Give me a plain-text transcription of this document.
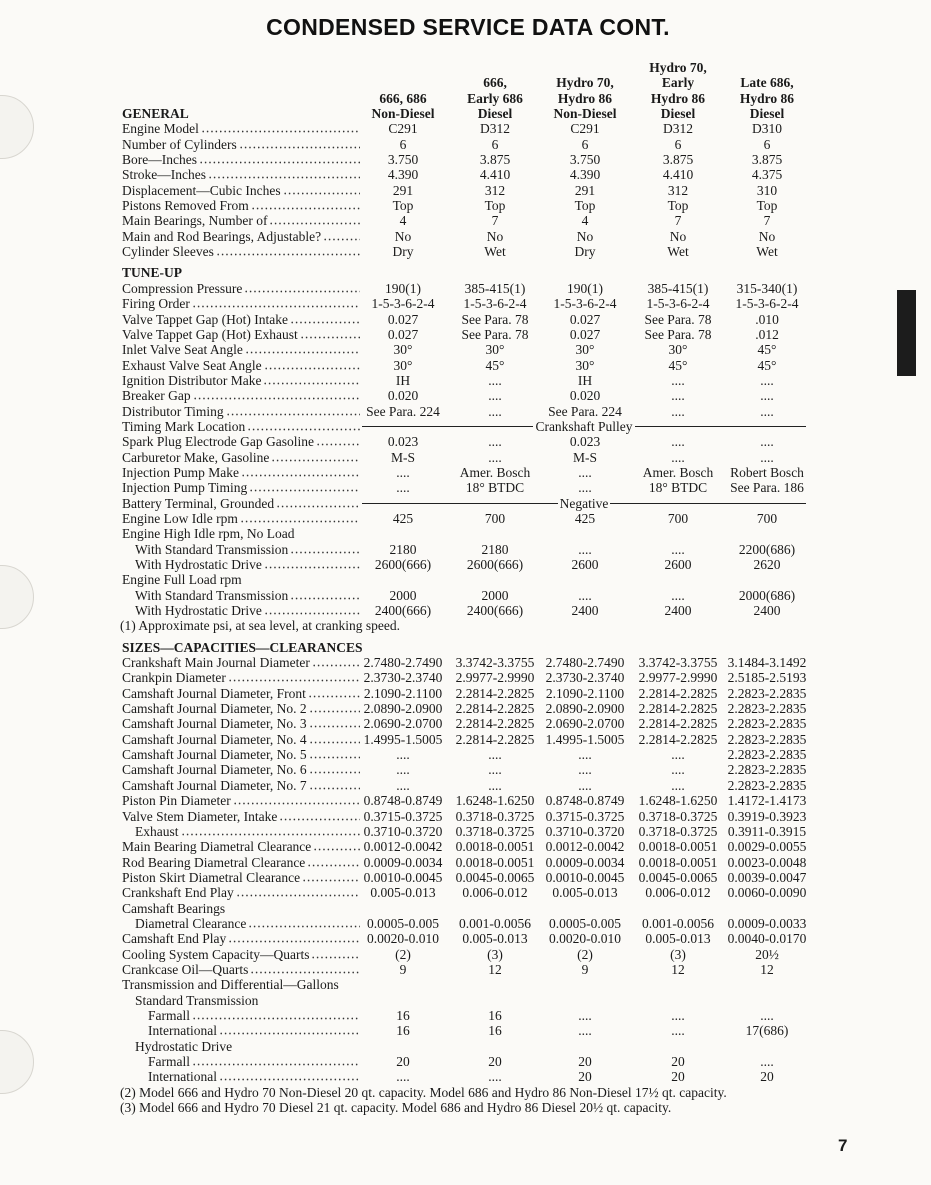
CONDENSED SERVICE DATA CONT.
Hydro 70,
666,	Hydro 70,	Early	Late 686,
666, 686	Early 686	Hydro 86	Hydro 86	Hydro 86
GENERAL	Non-Diesel	Diesel	Non-Diesel	Diesel	Diesel
Engine Model	C291	D312	C291	D312	D310
Number of Cylinders	6	6	6	6	6
Bore—Inches	3.750	3.875	3.750	3.875	3.875
Stroke—Inches	4.390	4.410	4.390	4.410	4.375
Displacement—Cubic Inches	291	312	291	312	310
Pistons Removed From	Top	Top	Top	Top	Top
Main Bearings, Number of	4	7	4	7	7
Main and Rod Bearings, Adjustable?	No	No	No	No	No
Cylinder Sleeves	Dry	Wet	Dry	Wet	Wet
TUNE-UP
Compression Pressure	190(1)	385-415(1)	190(1)	385-415(1)	315-340(1)
Firing Order	1-5-3-6-2-4	1-5-3-6-2-4	1-5-3-6-2-4	1-5-3-6-2-4	1-5-3-6-2-4
Valve Tappet Gap (Hot) Intake	0.027	See Para. 78	0.027	See Para. 78	.010
Valve Tappet Gap (Hot) Exhaust	0.027	See Para. 78	0.027	See Para. 78	.012
Inlet Valve Seat Angle	30°	30°	30°	30°	45°
Exhaust Valve Seat Angle	30°	45°	30°	45°	45°
Ignition Distributor Make	IH	....	IH	....	....
Breaker Gap	0.020	....	0.020	....	....
Distributor Timing	See Para. 224	....	See Para. 224	....	....
Timing Mark Location	Crankshaft Pulley
Spark Plug Electrode Gap Gasoline	0.023	....	0.023	....	....
Carburetor Make, Gasoline	M-S	....	M-S	....	....
Injection Pump Make	....	Amer. Bosch	....	Amer. Bosch	Robert Bosch
Injection Pump Timing	....	18° BTDC	....	18° BTDC	See Para. 186
Battery Terminal, Grounded	Negative
Engine Low Idle rpm	425	700	425	700	700
Engine High Idle rpm, No Load
With Standard Transmission	2180	2180	....	....	2200(686)
With Hydrostatic Drive	2600(666)	2600(666)	2600	2600	2620
Engine Full Load rpm
With Standard Transmission	2000	2000	....	....	2000(686)
With Hydrostatic Drive	2400(666)	2400(666)	2400	2400	2400
(1) Approximate psi, at sea level, at cranking speed.
SIZES—CAPACITIES—CLEARANCES
Crankshaft Main Journal Diameter	2.7480-2.7490 3.3742-3.3755 2.7480-2.7490	3.3742-3.3755 3.1484-3.1492
Crankpin Diameter	2.3730-2.3740 2.9977-2.9990 2.3730-2.3740	2.9977-2.9990 2.5185-2.5193
Camshaft Journal Diameter, Front	2.1090-2.1100	2.2814-2.2825 2.1090-2.1100	2.2814-2.2825 2.2823-2.2835
Camshaft Journal Diameter, No. 2	2.0890-2.0900 2.2814-2.2825 2.0890-2.0900	2.2814-2.2825 2.2823-2.2835
Camshaft Journal Diameter, No. 3	2.0690-2.0700 2.2814-2.2825 2.0690-2.0700	2.2814-2.2825 2.2823-2.2835
Camshaft Journal Diameter, No. 4	1.4995-1.5005 2.2814-2.2825 1.4995-1.5005	2.2814-2.2825 2.2823-2.2835
Camshaft Journal Diameter, No. 5	....	....	....	....	2.2823-2.2835
Camshaft Journal Diameter, No. 6	....	....	....	....	2.2823-2.2835
Camshaft Journal Diameter, No. 7	....	....	....	....	2.2823-2.2835
Piston Pin Diameter	0.8748-0.8749 1.6248-1.6250 0.8748-0.8749	1.6248-1.6250 1.4172-1.4173
Valve Stem Diameter, Intake	0.3715-0.3725 0.3718-0.3725 0.3715-0.3725	0.3718-0.3725 0.3919-0.3923
Exhaust	0.3710-0.3720 0.3718-0.3725 0.3710-0.3720	0.3718-0.3725 0.3911-0.3915
Main Bearing Diametral Clearance	0.0012-0.0042 0.0018-0.0051 0.0012-0.0042	0.0018-0.0051 0.0029-0.0055
Rod Bearing Diametral Clearance	0.0009-0.0034 0.0018-0.0051 0.0009-0.0034	0.0018-0.0051 0.0023-0.0048
Piston Skirt Diametral Clearance	0.0010-0.0045 0.0045-0.0065 0.0010-0.0045	0.0045-0.0065 0.0039-0.0047
Crankshaft End Play	0.005-0.013	0.006-0.012	0.005-0.013	0.006-0.012	0.0060-0.0090
Camshaft Bearings
Diametral Clearance	0.0005-0.005	0.001-0.0056	0.0005-0.005	0.001-0.0056	0.0009-0.0033
Camshaft End Play	0.0020-0.010	0.005-0.013	0.0020-0.010	0.005-0.013	0.0040-0.0170
Cooling System Capacity—Quarts	(2)	(3)	(2)	(3)	20½
Crankcase Oil—Quarts	9	12	9	12	12
Transmission and Differential—Gallons
Standard Transmission
Farmall	16	16	....	....	....
International	16	16	....	....	17(686)
Hydrostatic Drive
Farmall	20	20	20	20	....
International	....	....	20	20	20
(2) Model 666 and Hydro 70 Non-Diesel 20 qt. capacity. Model 686 and Hydro 86 Non-Diesel 17½ qt. capacity.
(3) Model 666 and Hydro 70 Diesel 21 qt. capacity. Model 686 and Hydro 86 Diesel 20½ qt. capacity.
7
